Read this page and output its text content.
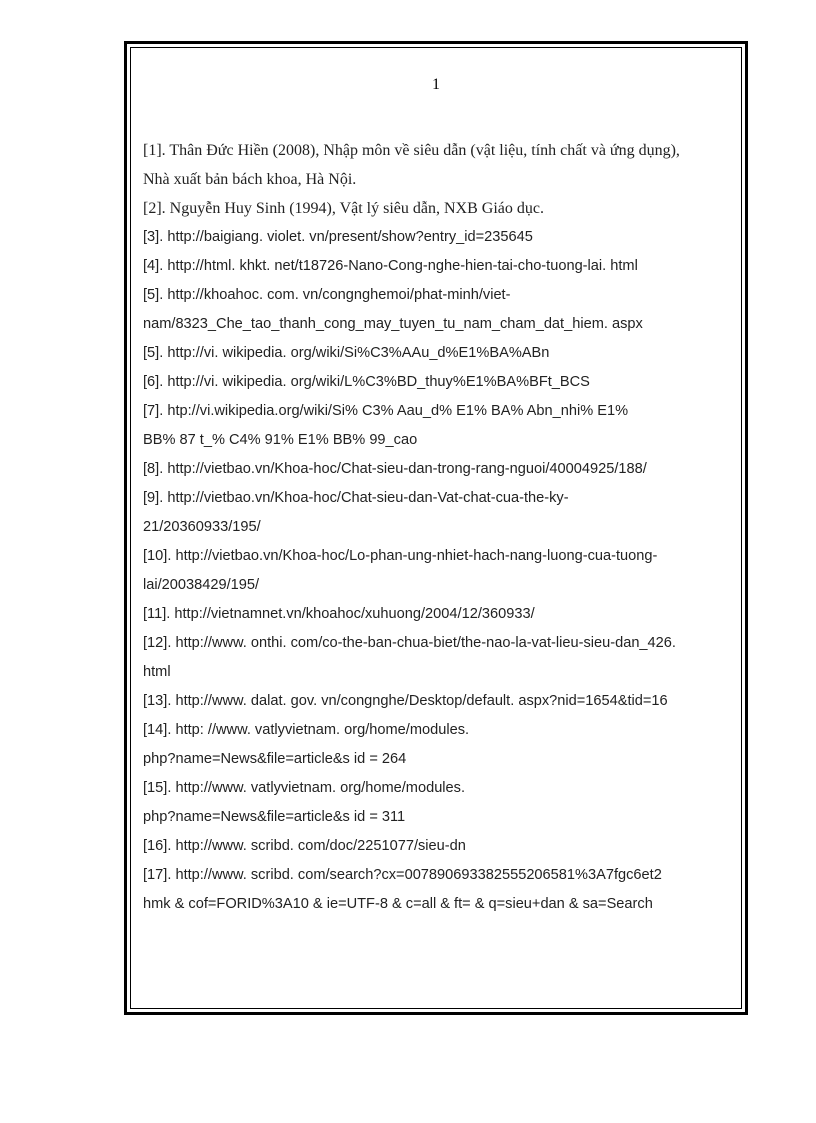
1
[1]. Thân Đức Hiền (2008), Nhập môn về siêu dẫn (vật liệu, tính chất và ứng dụng),
Nhà xuất bản bách khoa, Hà Nội.
[2]. Nguyễn Huy Sinh (1994), Vật lý siêu dẫn, NXB Giáo dục.
[3]. http://baigiang. violet. vn/present/show?entry_id=235645
[4]. http://html. khkt. net/t18726-Nano-Cong-nghe-hien-tai-cho-tuong-lai. html
[5]. http://khoahoc. com. vn/congnghemoi/phat-minh/viet-
nam/8323_Che_tao_thanh_cong_may_tuyen_tu_nam_cham_dat_hiem. aspx
[5]. http://vi. wikipedia. org/wiki/Si%C3%AAu_d%E1%BA%ABn
[6]. http://vi. wikipedia. org/wiki/L%C3%BD_thuy%E1%BA%BFt_BCS
[7]. htp://vi.wikipedia.org/wiki/Si% C3% Aau_d% E1% BA% Abn_nhi% E1%
BB% 87 t_% C4% 91% E1% BB% 99_cao
[8]. http://vietbao.vn/Khoa-hoc/Chat-sieu-dan-trong-rang-nguoi/40004925/188/
[9]. http://vietbao.vn/Khoa-hoc/Chat-sieu-dan-Vat-chat-cua-the-ky-
21/20360933/195/
[10]. http://vietbao.vn/Khoa-hoc/Lo-phan-ung-nhiet-hach-nang-luong-cua-tuong-
lai/20038429/195/
[11]. http://vietnamnet.vn/khoahoc/xuhuong/2004/12/360933/
[12]. http://www. onthi. com/co-the-ban-chua-biet/the-nao-la-vat-lieu-sieu-dan_426.
html
[13]. http://www. dalat. gov. vn/congnghe/Desktop/default. aspx?nid=1654&tid=16
[14]. http: //www. vatlyvietnam. org/home/modules.
php?name=News&file=article&s id = 264
[15]. http://www. vatlyvietnam. org/home/modules.
php?name=News&file=article&s id = 311
[16]. http://www. scribd. com/doc/2251077/sieu-dn
[17]. http://www. scribd. com/search?cx=007890693382555206581%3A7fgc6et2
hmk & cof=FORID%3A10 & ie=UTF-8 & c=all & ft= & q=sieu+dan & sa=Search
